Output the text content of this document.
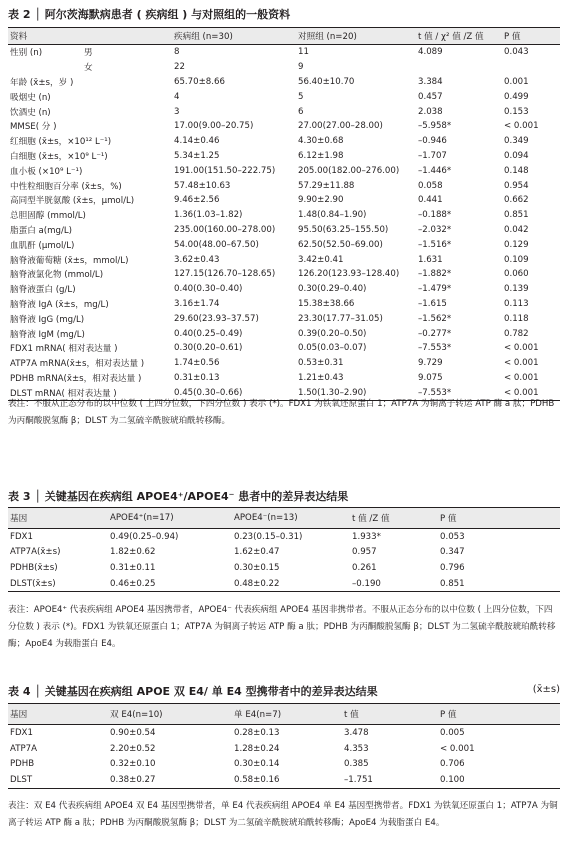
表 2 │ 阿尔茨海默病患者 ( 疾病组 ) 与对照组的一般资料
资料		疾病组 (n=30)	对照组 (n=20)	t 值 / χ² 值 /Z 值	P 值
性别 (n)	男	8	11	4.089	0.043
	女	22	9		
年龄 (x̄±s，岁 )		65.70±8.66	56.40±10.70	3.384	0.001
吸烟史 (n)		4	5	0.457	0.499
饮酒史 (n)		3	6	2.038	0.153
MMSE( 分 )		17.00(9.00–20.75)	27.00(27.00–28.00)	–5.958*	< 0.001
红细胞 (x̄±s，×10¹² L⁻¹)		4.14±0.46	4.30±0.68	–0.946	0.349
白细胞 (x̄±s，×10⁹ L⁻¹)		5.34±1.25	6.12±1.98	–1.707	0.094
血小板 (×10⁹ L⁻¹)		191.00(151.50–222.75)	205.00(182.00–276.00)	–1.446*	0.148
中性粒细胞百分率 (x̄±s，%)		57.48±10.63	57.29±11.88	0.058	0.954
高同型半胱氨酸 (x̄±s，μmol/L)		9.46±2.56	9.90±2.90	0.441	0.662
总胆固醇 (mmol/L)		1.36(1.03–1.82)	1.48(0.84–1.90)	–0.188*	0.851
脂蛋白 a(mg/L)		235.00(160.00–278.00)	95.50(63.25–155.50)	–2.032*	0.042
血肌酐 (μmol/L)		54.00(48.00–67.50)	62.50(52.50–69.00)	–1.516*	0.129
脑脊液葡萄糖 (x̄±s，mmol/L)		3.62±0.43	3.42±0.41	1.631	0.109
脑脊液氯化物 (mmol/L)		127.15(126.70–128.65)	126.20(123.93–128.40)	–1.882*	0.060
脑脊液蛋白 (g/L)		0.40(0.30–0.40)	0.30(0.29–0.40)	–1.479*	0.139
脑脊液 IgA (x̄±s，mg/L)		3.16±1.74	15.38±38.66	–1.615	0.113
脑脊液 IgG (mg/L)		29.60(23.93–37.57)	23.30(17.77–31.05)	–1.562*	0.118
脑脊液 IgM (mg/L)		0.40(0.25–0.49)	0.39(0.20–0.50)	–0.277*	0.782
FDX1 mRNA( 相对表达量 )		0.30(0.20–0.61)	0.05(0.03–0.07)	–7.553*	< 0.001
ATP7A mRNA(x̄±s，相对表达量 )		1.74±0.56	0.53±0.31	9.729	< 0.001
PDHB mRNA(x̄±s，相对表达量 )		0.31±0.13	1.21±0.43	9.075	< 0.001
DLST mRNA( 相对表达量 )		0.45(0.30–0.66)	1.50(1.30–2.90)	–7.553*	< 0.001
表注：不服从正态分布的以中位数 ( 上四分位数，下四分位数 ) 表示 (*)。FDX1 为铁氧还原蛋白 1；ATP7A 为铜离子转运 ATP 酶 a 肽；PDHB 为丙酮酸脱氢酶 β；DLST 为二氢硫辛酰胺琥珀酰转移酶。
表 3 │ 关键基因在疾病组 APOE4⁺/APOE4⁻ 患者中的差异表达结果
基因	APOE4⁺(n=17)	APOE4⁻(n=13)	t 值 /Z 值	P 值
FDX1	0.49(0.25–0.94)	0.23(0.15–0.31)	1.933*	0.053
ATP7A(x̄±s)	1.82±0.62	1.62±0.47	0.957	0.347
PDHB(x̄±s)	0.31±0.11	0.30±0.15	0.261	0.796
DLST(x̄±s)	0.46±0.25	0.48±0.22	–0.190	0.851
表注：APOE4⁺ 代表疾病组 APOE4 基因携带者，APOE4⁻ 代表疾病组 APOE4 基因非携带者。不服从正态分布的以中位数 ( 上四分位数，下四分位数 ) 表示 (*)。FDX1 为铁氧还原蛋白 1；ATP7A 为铜离子转运 ATP 酶 a 肽；PDHB 为丙酮酸脱氢酶 β；DLST 为二氢硫辛酰胺琥珀酰转移酶；ApoE4 为载脂蛋白 E4。
表 4 │ 关键基因在疾病组 APOE 双 E4/ 单 E4 型携带者中的差异表达结果	(x̄±s)
基因	双 E4(n=10)	单 E4(n=7)	t 值	P 值
FDX1	0.90±0.54	0.28±0.13	3.478	0.005
ATP7A	2.20±0.52	1.28±0.24	4.353	< 0.001
PDHB	0.32±0.10	0.30±0.14	0.385	0.706
DLST	0.38±0.27	0.58±0.16	–1.751	0.100
表注：双 E4 代表疾病组 APOE4 双 E4 基因型携带者，单 E4 代表疾病组 APOE4 单 E4 基因型携带者。FDX1 为铁氧还原蛋白 1；ATP7A 为铜离子转运 ATP 酶 a 肽；PDHB 为丙酮酸脱氢酶 β；DLST 为二氢硫辛酰胺琥珀酰转移酶；ApoE4 为载脂蛋白 E4。
